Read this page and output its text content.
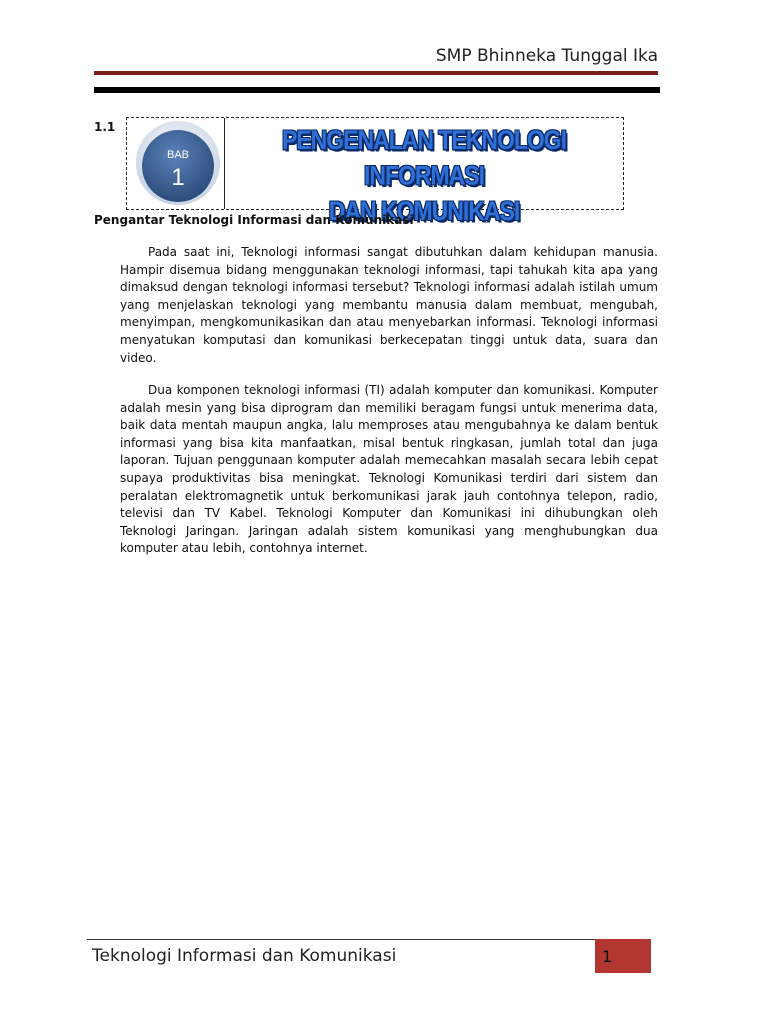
SMP Bhinneka Tunggal Ika
1.1
BAB
1
PENGENALAN TEKNOLOGI INFORMASI
DAN KOMUNIKASI
Pengantar Teknologi Informasi dan Komunikasi

Pada saat ini, Teknologi informasi sangat dibutuhkan dalam kehidupan manusia. Hampir disemua bidang menggunakan teknologi informasi, tapi tahukah kita apa yang dimaksud dengan teknologi informasi tersebut? Teknologi informasi adalah istilah umum yang menjelaskan teknologi yang membantu manusia dalam membuat, mengubah, menyimpan, mengkomunikasikan dan atau menyebarkan informasi. Teknologi informasi menyatukan komputasi dan komunikasi berkecepatan tinggi untuk data, suara dan video.

Dua komponen teknologi informasi (TI) adalah komputer dan komunikasi. Komputer adalah mesin yang bisa diprogram dan memiliki beragam fungsi untuk menerima data, baik data mentah maupun angka, lalu memproses atau mengubahnya ke dalam bentuk informasi yang bisa kita manfaatkan, misal bentuk ringkasan, jumlah total dan juga laporan. Tujuan penggunaan komputer adalah memecahkan masalah secara lebih cepat supaya produktivitas bisa meningkat. Teknologi Komunikasi terdiri dari sistem dan peralatan elektromagnetik untuk berkomunikasi jarak jauh contohnya telepon, radio, televisi dan TV Kabel. Teknologi Komputer dan Komunikasi ini dihubungkan oleh Teknologi Jaringan. Jaringan adalah sistem komunikasi yang menghubungkan dua komputer atau lebih, contohnya internet.

Teknologi Informasi dan Komunikasi	1
